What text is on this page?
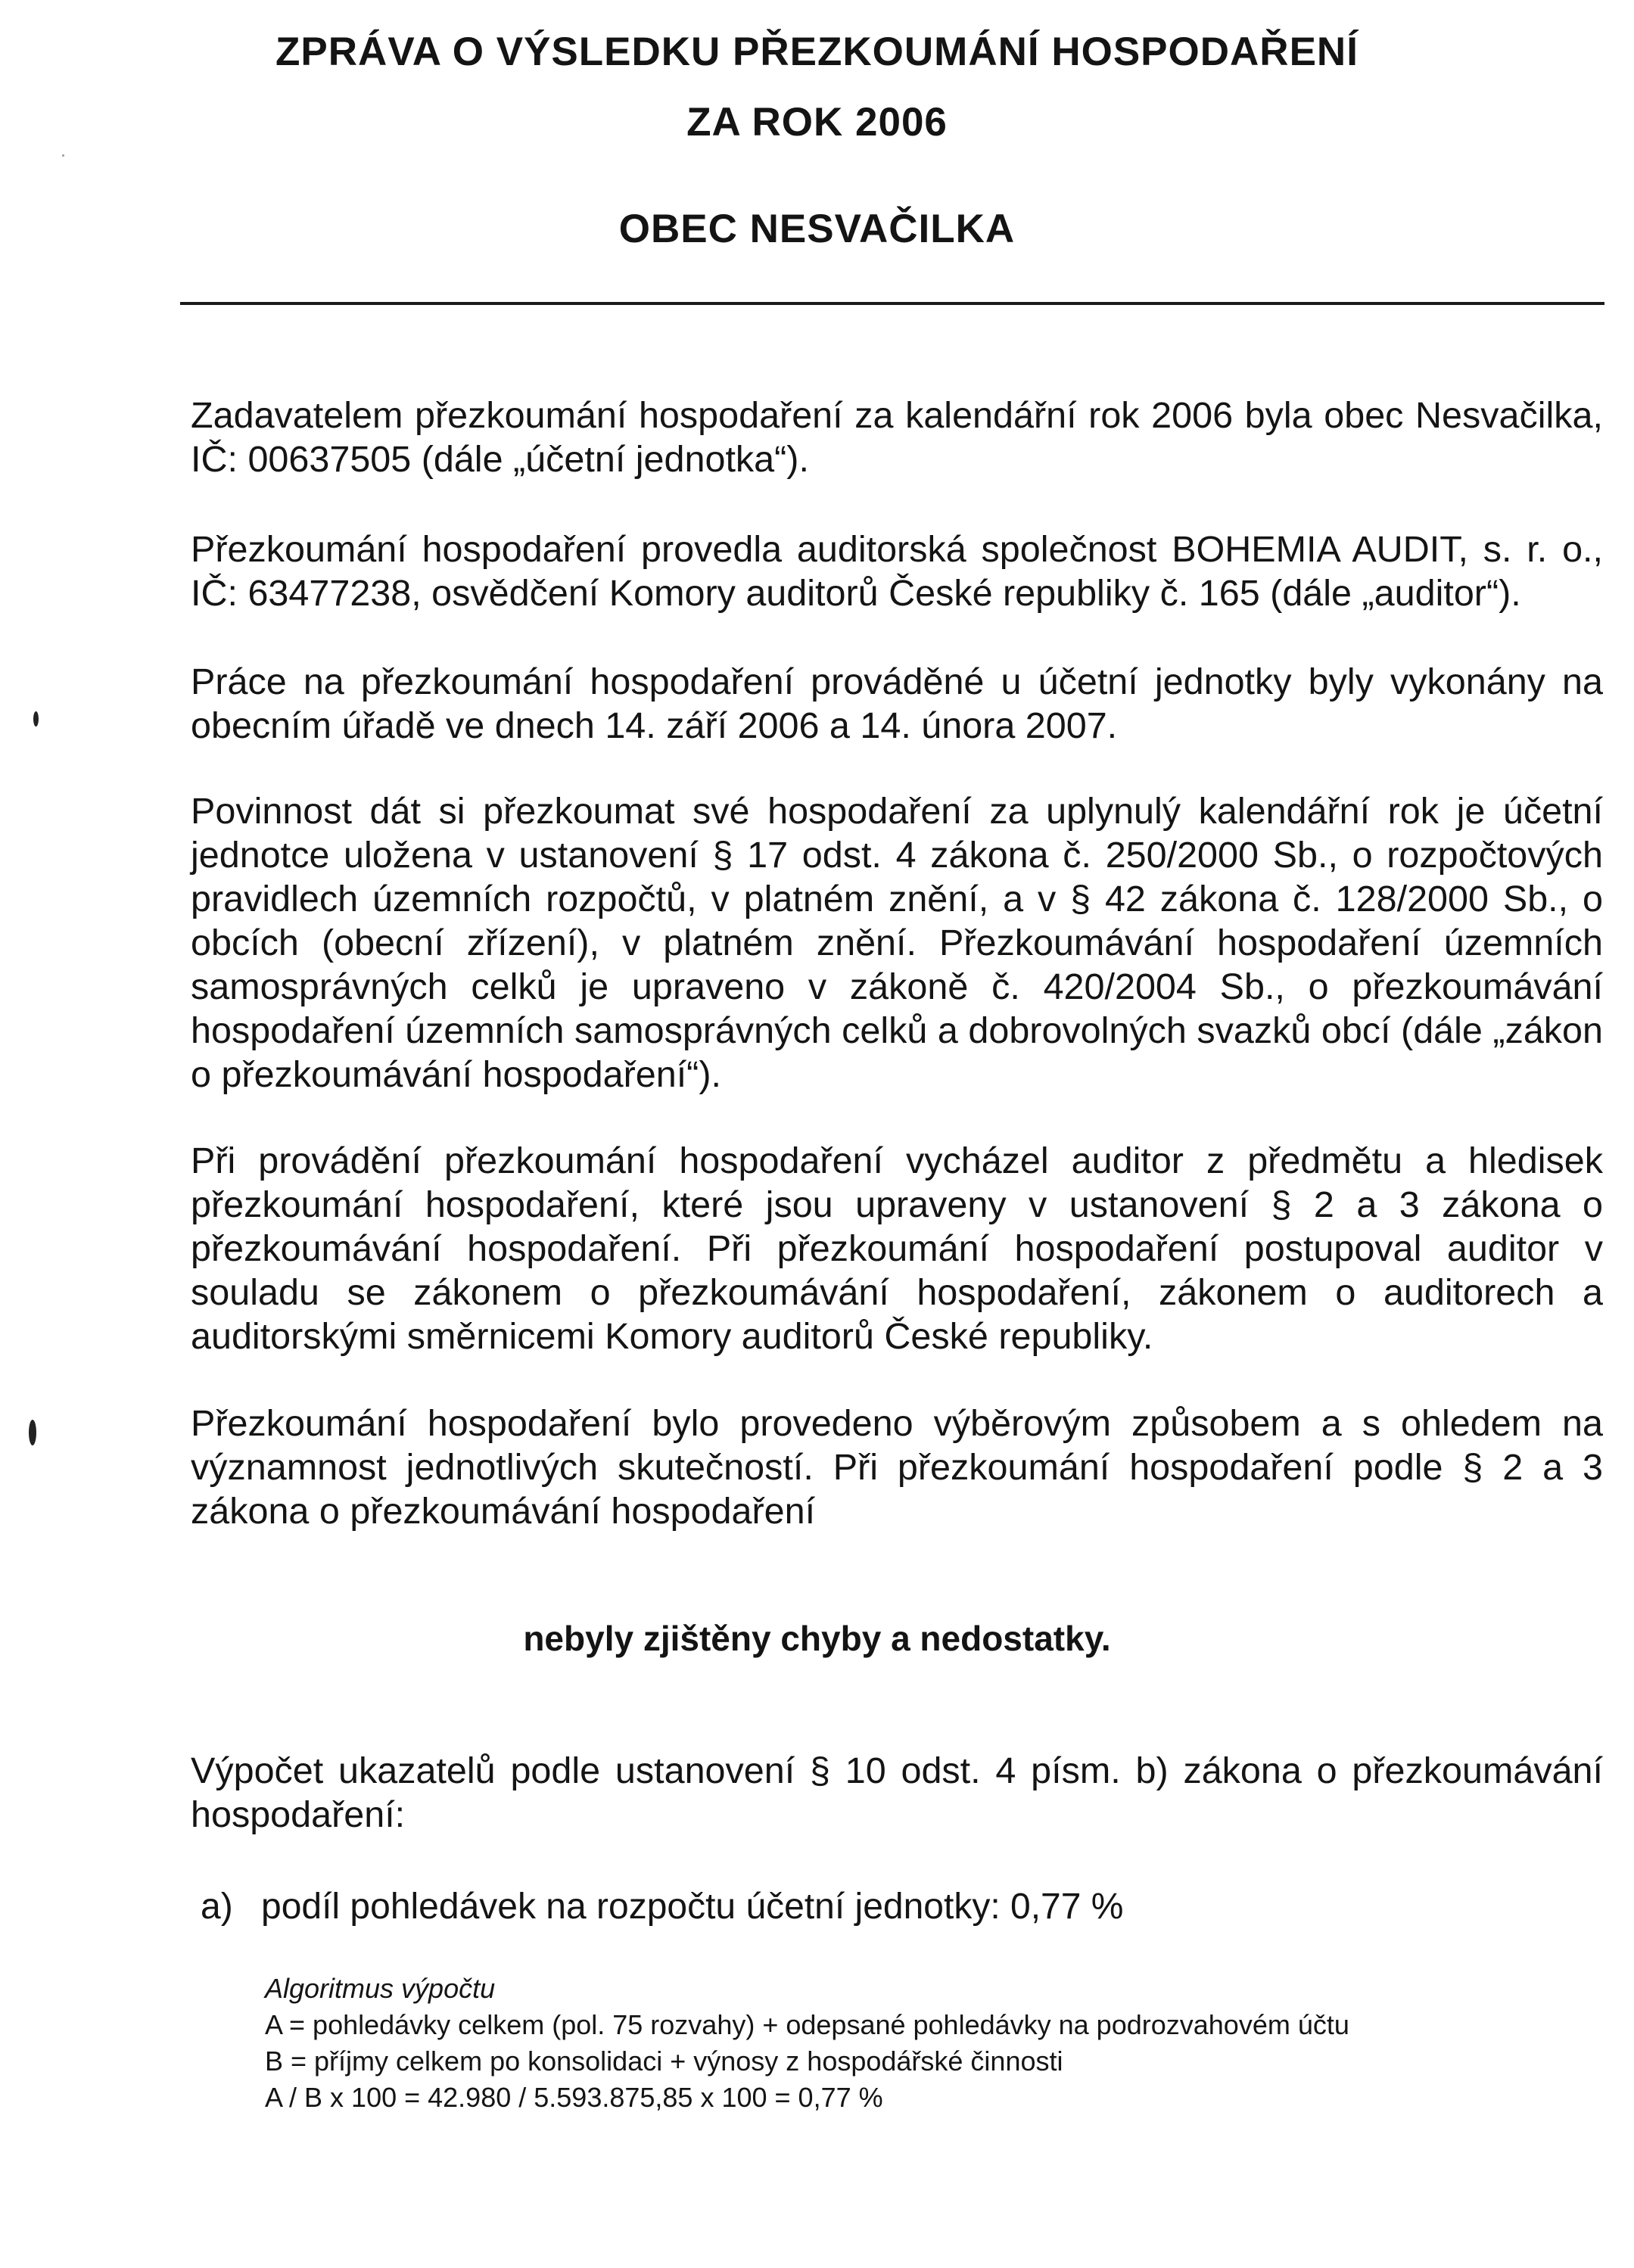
ZPRÁVA O VÝSLEDKU PŘEZKOUMÁNÍ HOSPODAŘENÍ
ZA ROK 2006
OBEC NESVAČILKA

Zadavatelem přezkoumání hospodaření za kalendářní rok 2006 byla obec Nesvačilka, IČ: 00637505 (dále „účetní jednotka“).

Přezkoumání hospodaření provedla auditorská společnost BOHEMIA AUDIT, s. r. o., IČ: 63477238, osvědčení Komory auditorů České republiky č. 165 (dále „auditor“).

Práce na přezkoumání hospodaření prováděné u účetní jednotky byly vykonány na obecním úřadě ve dnech 14. září 2006 a 14. února 2007.

Povinnost dát si přezkoumat své hospodaření za uplynulý kalendářní rok je účetní jednotce uložena v ustanovení § 17 odst. 4 zákona č. 250/2000 Sb., o rozpočtových pravidlech územních rozpočtů, v platném znění, a v § 42 zákona č. 128/2000 Sb., o obcích (obecní zřízení), v platném znění. Přezkoumávání hospodaření územních samosprávných celků je upraveno v zákoně č. 420/2004 Sb., o přezkoumávání hospodaření územních samosprávných celků a dobrovolných svazků obcí (dále „zákon o přezkoumávání hospodaření“).

Při provádění přezkoumání hospodaření vycházel auditor z předmětu a hledisek přezkoumání hospodaření, které jsou upraveny v ustanovení § 2 a 3 zákona o přezkoumávání hospodaření. Při přezkoumání hospodaření postupoval auditor v souladu se zákonem o přezkoumávání hospodaření, zákonem o auditorech a auditorskými směrnicemi Komory auditorů České republiky.

Přezkoumání hospodaření bylo provedeno výběrovým způsobem a s ohledem na významnost jednotlivých skutečností. Při přezkoumání hospodaření podle § 2 a 3 zákona o přezkoumávání hospodaření

nebyly zjištěny chyby a nedostatky.

Výpočet ukazatelů podle ustanovení § 10 odst. 4 písm. b) zákona o přezkoumávání hospodaření:

a) podíl pohledávek na rozpočtu účetní jednotky: 0,77 %
Algoritmus výpočtu
A = pohledávky celkem (pol. 75 rozvahy) + odepsané pohledávky na podrozvahovém účtu
B = příjmy celkem po konsolidaci + výnosy z hospodářské činnosti
A / B x 100 = 42.980 / 5.593.875,85 x 100 = 0,77 %
